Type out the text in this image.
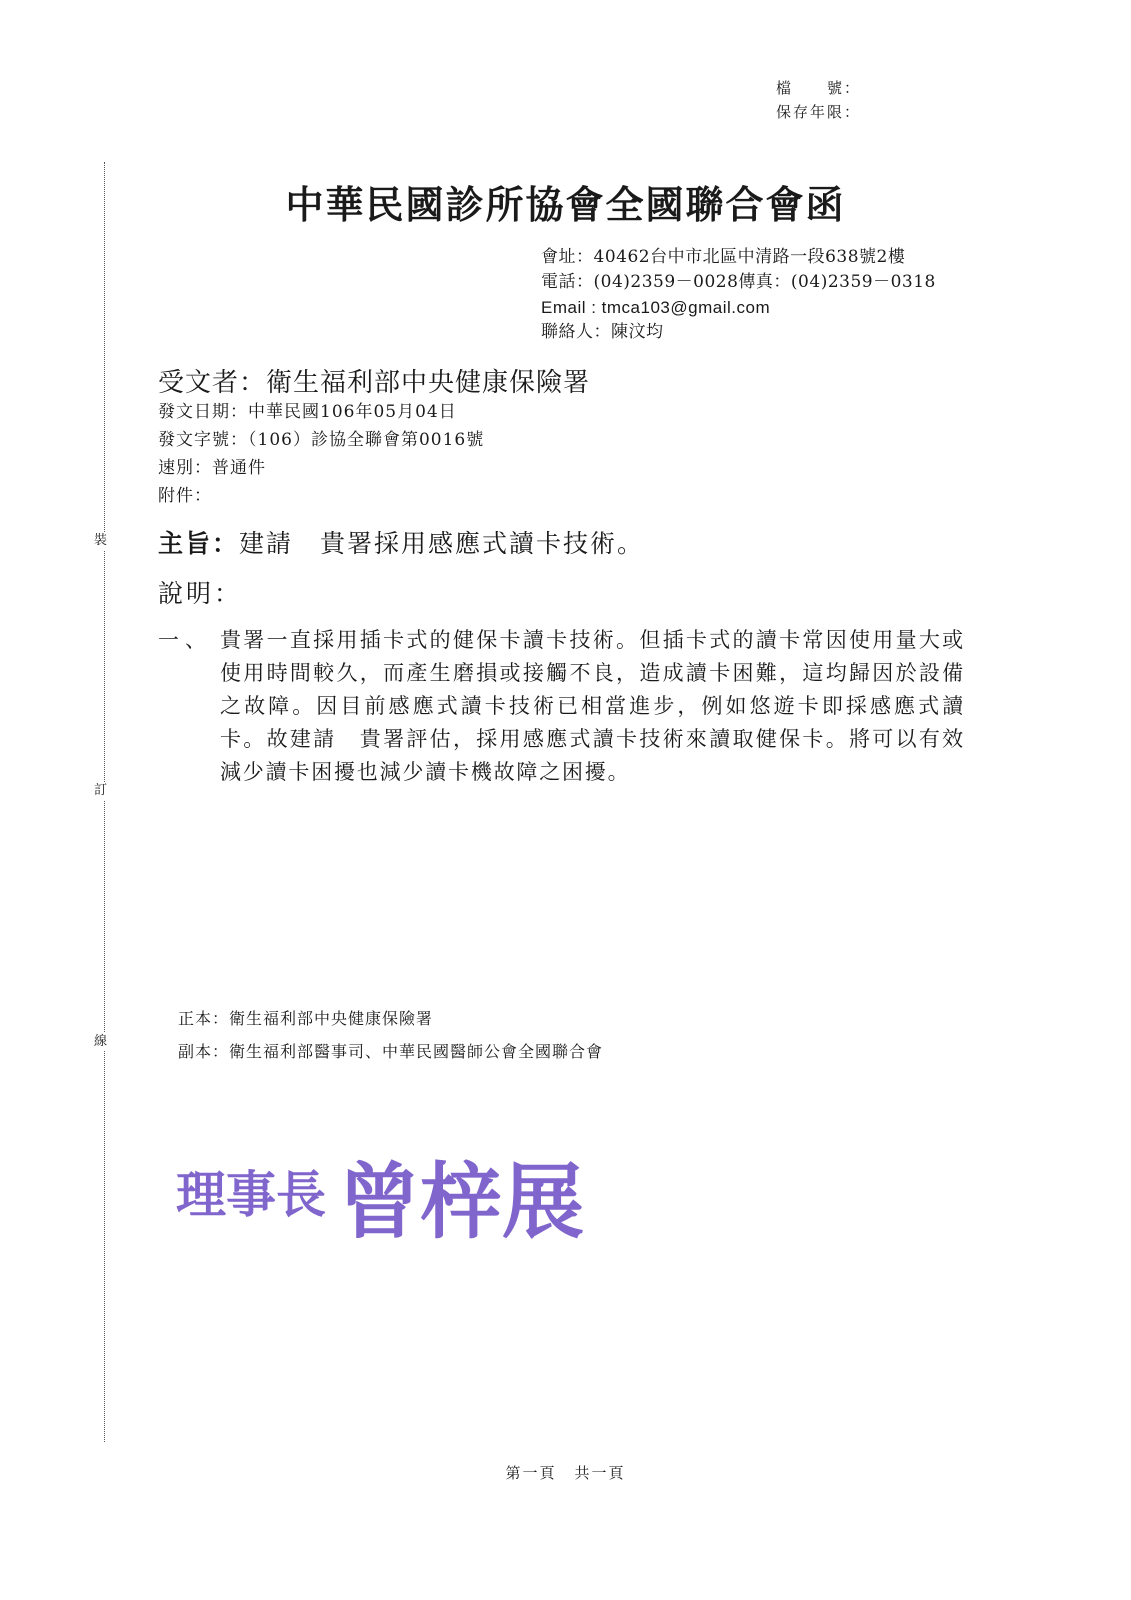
檔　　號：
保存年限：
裝
訂
線
中華民國診所協會全國聯合會函
會址：40462台中市北區中清路一段638號2樓
電話：(04)2359－0028傳真：(04)2359－0318
Email : tmca103@gmail.com
聯絡人：陳汶均
受文者：衛生福利部中央健康保險署
發文日期：中華民國106年05月04日
發文字號：（106）診協全聯會第0016號
速別：普通件
附件：
主旨：建請　貴署採用感應式讀卡技術。
說明：
一、 貴署一直採用插卡式的健保卡讀卡技術。但插卡式的讀卡常因使用量大或使用時間較久，而產生磨損或接觸不良，造成讀卡困難，這均歸因於設備之故障。因目前感應式讀卡技術已相當進步，例如悠遊卡即採感應式讀卡。故建請　貴署評估，採用感應式讀卡技術來讀取健保卡。將可以有效減少讀卡困擾也減少讀卡機故障之困擾。
正本：衛生福利部中央健康保險署
副本：衛生福利部醫事司、中華民國醫師公會全國聯合會
理事長 曾梓展
第一頁 共一頁
